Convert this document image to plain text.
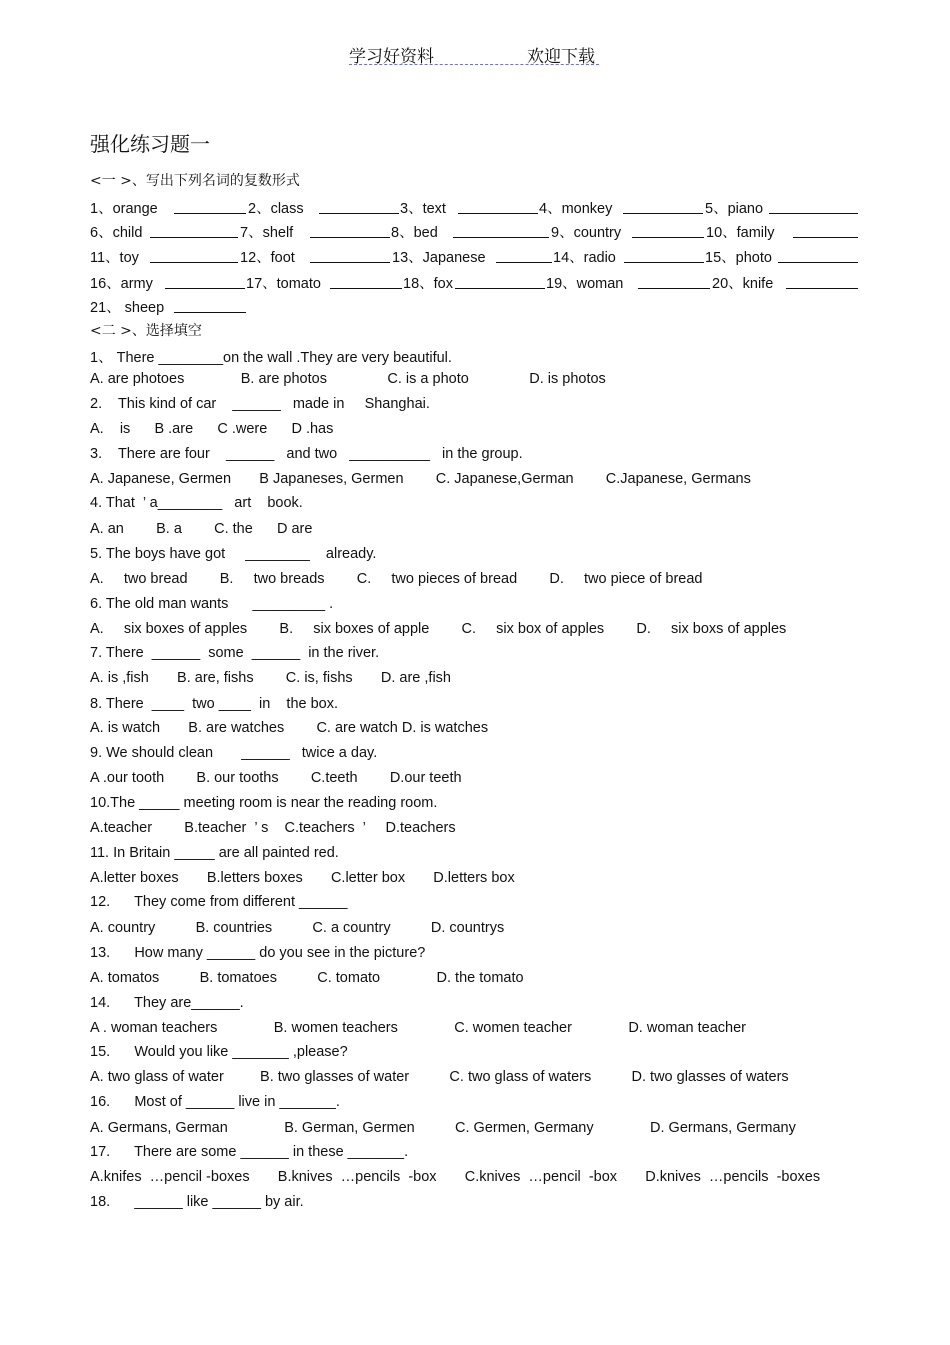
学习好资料	欢迎下载
强化练习题一
<一 >、写出下列名词的复数形式
1、orange	2、class	3、text	4、monkey	5、piano
6、child	7、shelf	8、bed	9、country	10、family
11、toy	12、foot	13、Japanese	14、radio	15、photo
16、army	17、tomato	18、fox	19、woman	20、knife
21、 sheep
<二 >、选择填空
1、 There ________on the wall .They are very beautiful.
A. are photoes              B. are photos               C. is a photo               D. is photos
2.    This kind of car    ______   made in     Shanghai.
A.    is      B .are      C .were      D .has
3.    There are four    ______   and two   __________   in the group.
A. Japanese, Germen       B Japaneses, Germen        C. Japanese,German        C.Japanese, Germans
4. That  ’ a________   art    book.
A. an        B. a        C. the      D are
5. The boys have got     ________    already.
A.     two bread        B.     two breads        C.     two pieces of bread        D.     two piece of bread
6. The old man wants      _________ .
A.     six boxes of apples        B.     six boxes of apple        C.     six box of apples        D.     six boxs of apples
7. There  ______  some  ______  in the river.
A. is ,fish       B. are, fishs        C. is, fishs       D. are ,fish
8. There  ____  two ____  in    the box.
A. is watch       B. are watches        C. are watch D. is watches
9. We should clean       ______   twice a day.
A .our tooth        B. our tooths        C.teeth        D.our teeth
10.The _____ meeting room is near the reading room.
A.teacher        B.teacher  ’ s    C.teachers  ’     D.teachers
11. In Britain _____ are all painted red.
A.letter boxes       B.letters boxes       C.letter box       D.letters box
12.      They come from different ______
A. country          B. countries          C. a country          D. countrys
13.      How many ______ do you see in the picture?
A. tomatos          B. tomatoes          C. tomato              D. the tomato
14.      They are______.
A . woman teachers              B. women teachers              C. women teacher              D. woman teacher
15.      Would you like _______ ,please?
A. two glass of water         B. two glasses of water          C. two glass of waters          D. two glasses of waters
16.      Most of ______ live in _______.
A. Germans, German              B. German, Germen          C. Germen, Germany              D. Germans, Germany
17.      There are some ______ in these _______.
A.knifes  …pencil -boxes       B.knives  …pencils  -box       C.knives  …pencil  -box       D.knives  …pencils  -boxes
18.      ______ like ______ by air.
